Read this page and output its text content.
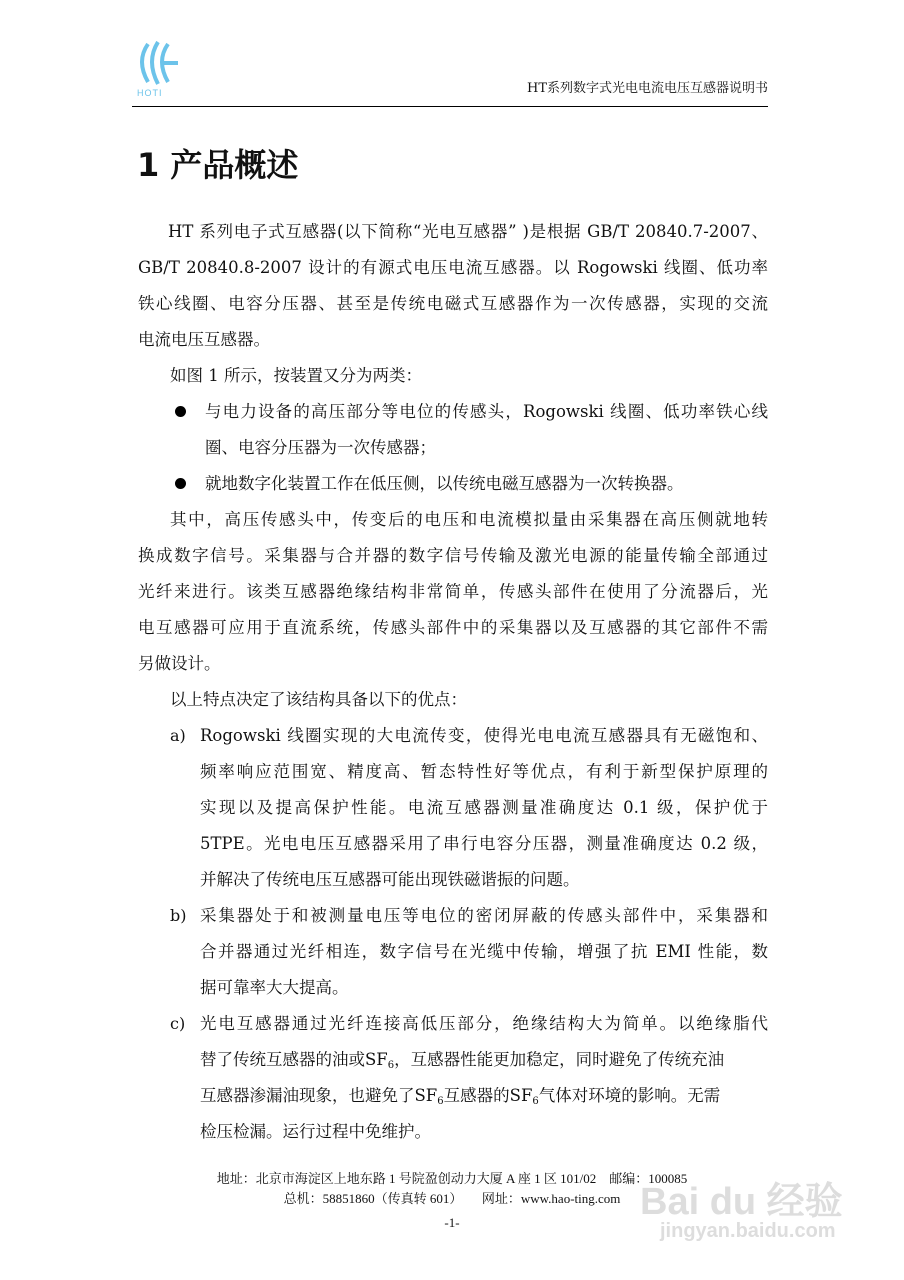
HOTI	HT系列数字式光电电流电压互感器说明书
1 产品概述
HT 系列电子式互感器(以下简称“光电互感器” )是根据 GB/T 20840.7-2007、
GB/T 20840.8-2007 设计的有源式电压电流互感器。以 Rogowski 线圈、低功率
铁心线圈、电容分压器、甚至是传统电磁式互感器作为一次传感器，实现的交流
电流电压互感器。
如图 1 所示，按装置又分为两类：
与电力设备的高压部分等电位的传感头，Rogowski 线圈、低功率铁心线
圈、电容分压器为一次传感器；
就地数字化装置工作在低压侧，以传统电磁互感器为一次转换器。
其中，高压传感头中，传变后的电压和电流模拟量由采集器在高压侧就地转
换成数字信号。采集器与合并器的数字信号传输及激光电源的能量传输全部通过
光纤来进行。该类互感器绝缘结构非常简单，传感头部件在使用了分流器后，光
电互感器可应用于直流系统，传感头部件中的采集器以及互感器的其它部件不需
另做设计。
以上特点决定了该结构具备以下的优点：
Rogowski 线圈实现的大电流传变，使得光电电流互感器具有无磁饱和、
频率响应范围宽、精度高、暂态特性好等优点，有利于新型保护原理的
实现以及提高保护性能。电流互感器测量准确度达 0.1 级，保护优于
5TPE。光电电压互感器采用了串行电容分压器，测量准确度达 0.2 级，
并解决了传统电压互感器可能出现铁磁谐振的问题。
采集器处于和被测量电压等电位的密闭屏蔽的传感头部件中，采集器和
合并器通过光纤相连，数字信号在光缆中传输，增强了抗 EMI 性能，数
据可靠率大大提高。
光电互感器通过光纤连接高低压部分，绝缘结构大为简单。以绝缘脂代
替了传统互感器的油或$SF_6$，互感器性能更加稳定，同时避免了传统充油
互感器渗漏油现象，也避免了$SF_6$互感器的$SF_6$气体对环境的影响。无需
检压检漏。运行过程中免维护。
a)
b)
c)
地址：北京市海淀区上地东路 1 号院盈创动力大厦 A 座 1 区 101/02　邮编：100085
总机：58851860（传真转 601）　　网址：www.hao-ting.com
-1-	Bai du 经验
jingyan.baidu.com
